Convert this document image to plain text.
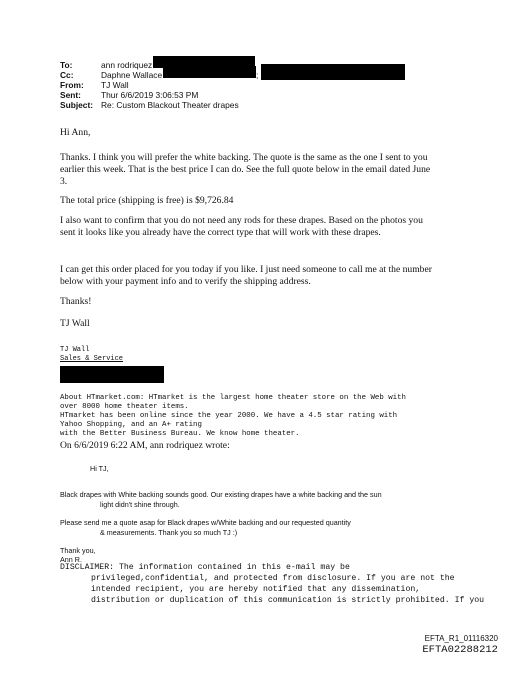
To:	ann rodriquez
Cc:	Daphne Wallace	;
From: TJ Wall
Sent: Thur 6/6/2019 3:06:53 PM
Subject: Re: Custom Blackout Theater drapes
Hi Ann,
Thanks. I think you will prefer the white backing. The quote is the same as the one I sent to you
earlier this week. That is the best price I can do. See the full quote below in the email dated June
3.
The total price (shipping is free) is $9,726.84
I also want to confirm that you do not need any rods for these drapes. Based on the photos you
sent it looks like you already have the correct type that will work with these drapes.
I can get this order placed for you today if you like. I just need someone to call me at the number
below with your payment info and to verify the shipping address.
Thanks!
TJ Wall
TJ Wall
Sales & Service
About HTmarket.com: HTmarket is the largest home theater store on the Web with
over 8000 home theater items.
HTmarket has been online since the year 2000. We have a 4.5 star rating with
Yahoo Shopping, and an A+ rating
with the Better Business Bureau. We know home theater.
On 6/6/2019 6:22 AM, ann rodriquez wrote:
Hi TJ,
Black drapes with White backing sounds good. Our existing drapes have a white backing and the sun
light didn't shine through.
Please send me a quote asap for Black drapes w/White backing and our requested quantity
& measurements. Thank you so much TJ :)
Thank you,
Ann R.
DISCLAIMER: The information contained in this e-mail may be
privileged,confidential, and protected from disclosure. If you are not the
intended recipient, you are hereby notified that any dissemination,
distribution or duplication of this communication is strictly prohibited. If you
EFTA_R1_01116320
EFTA02288212
